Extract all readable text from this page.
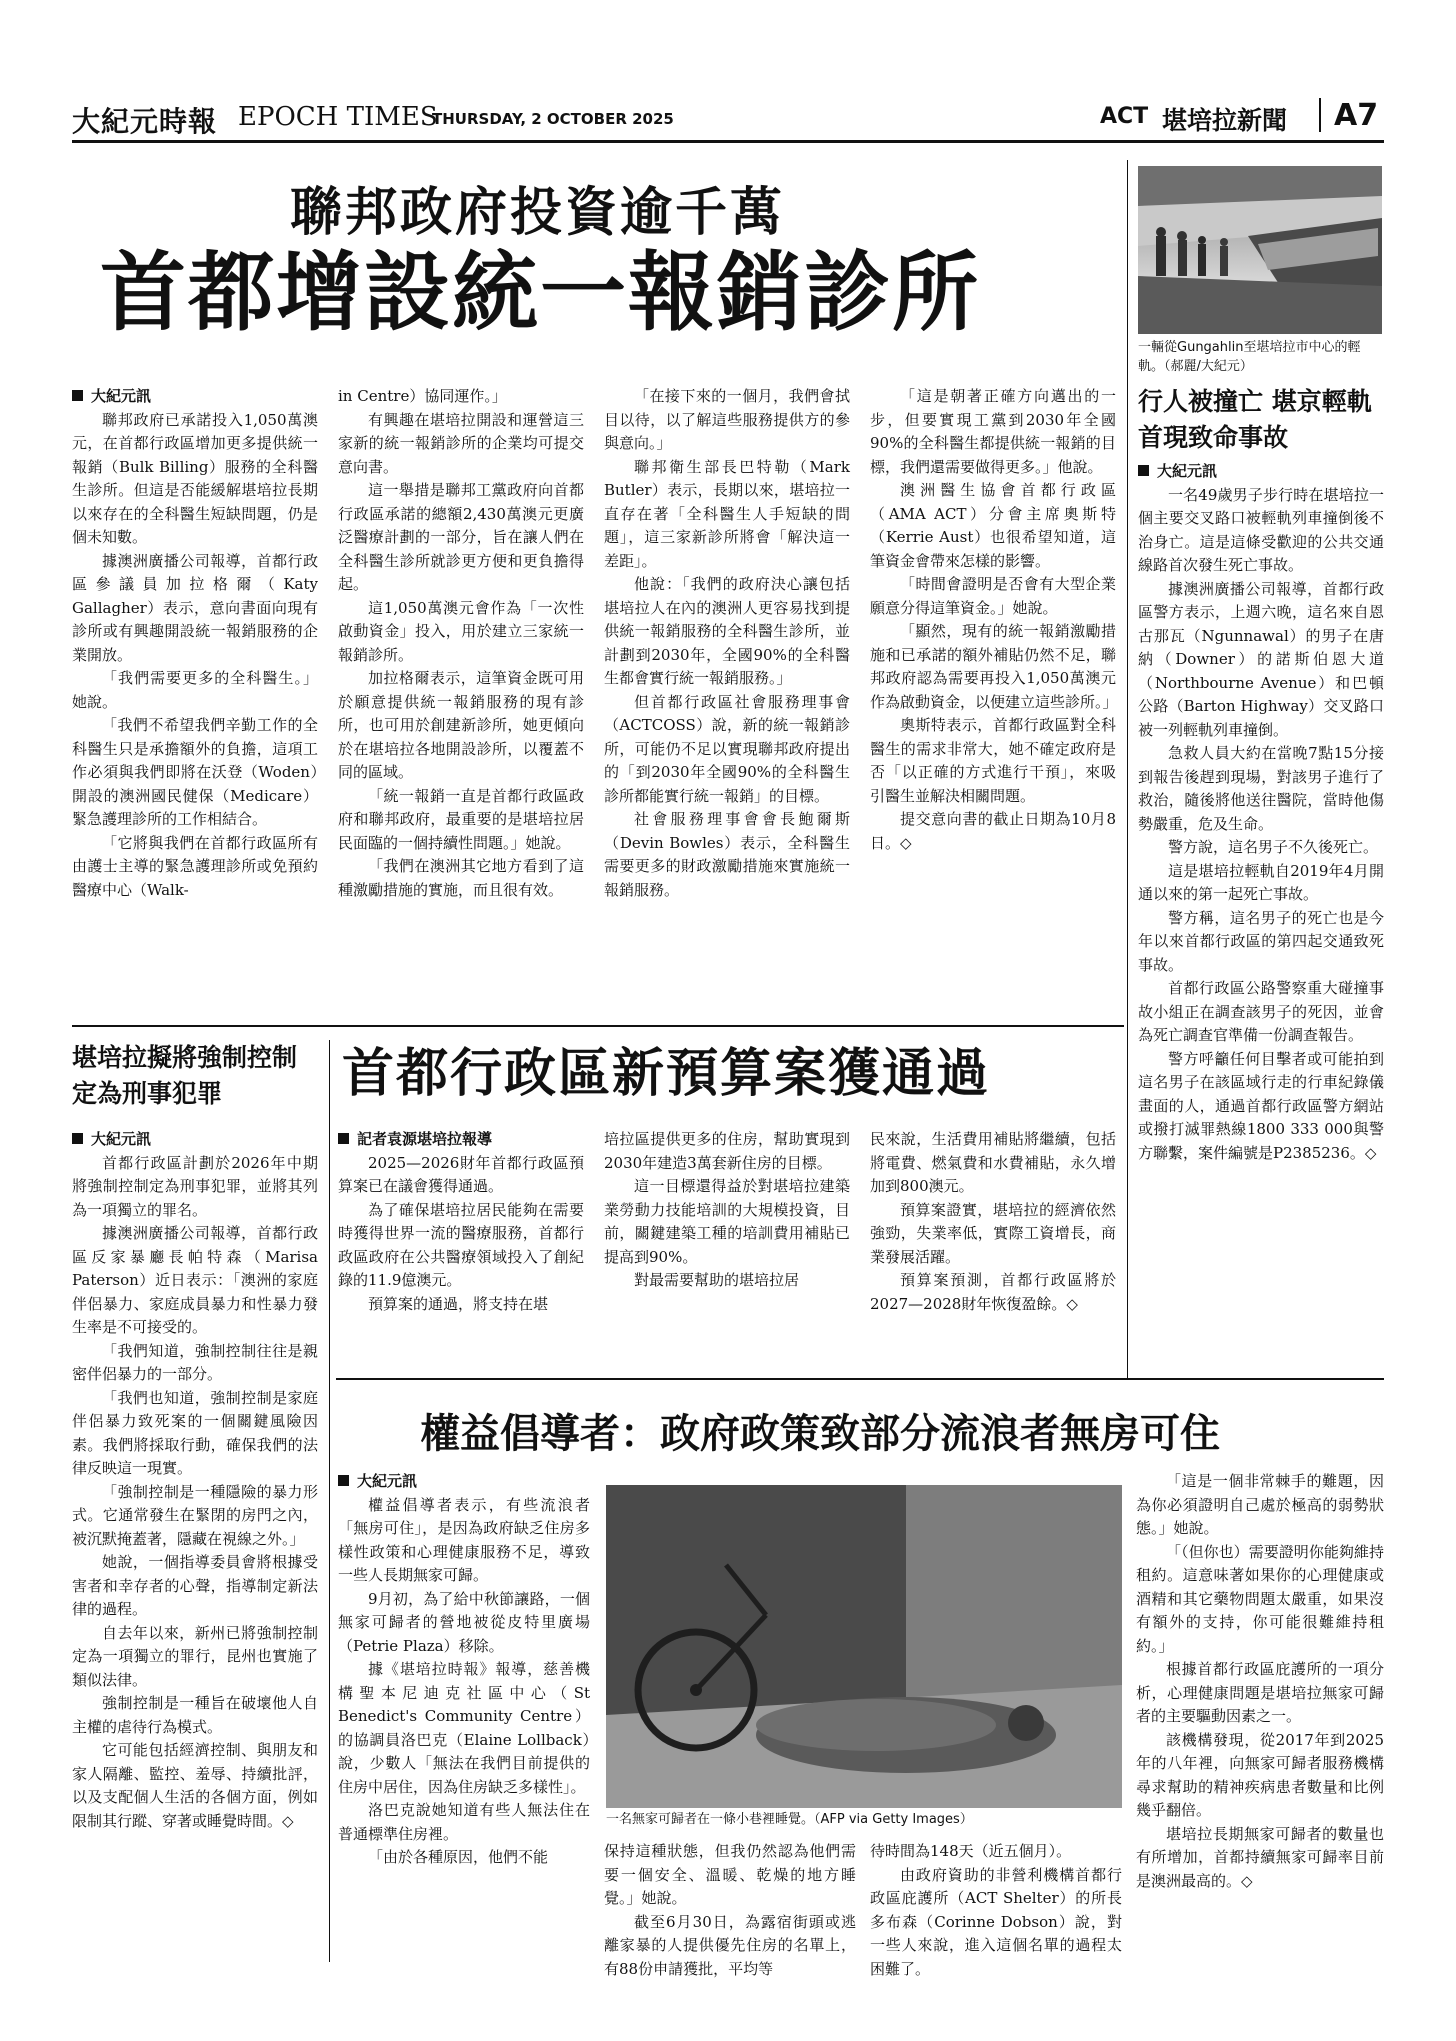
大紀元時報 EPOCH TIMES
THURSDAY, 2 OCTOBER 2025	ACT 堪培拉新聞 A7
聯邦政府投資逾千萬
首都增設統一報銷診所
大紀元訊

聯邦政府已承諾投入1,050萬澳元，在首都行政區增加更多提供統一報銷（Bulk Billing）服務的全科醫生診所。但這是否能緩解堪培拉長期以來存在的全科醫生短缺問題，仍是個未知數。

據澳洲廣播公司報導，首都行政區參議員加拉格爾（Katy Gallagher）表示，意向書面向現有診所或有興趣開設統一報銷服務的企業開放。

「我們需要更多的全科醫生。」她說。

「我們不希望我們辛勤工作的全科醫生只是承擔額外的負擔，這項工作必須與我們即將在沃登（Woden）開設的澳洲國民健保（Medicare）緊急護理診所的工作相結合。

「它將與我們在首都行政區所有由護士主導的緊急護理診所或免預約醫療中心（Walk-

in Centre）協同運作。」

有興趣在堪培拉開設和運營這三家新的統一報銷診所的企業均可提交意向書。

這一舉措是聯邦工黨政府向首都行政區承諾的總額2,430萬澳元更廣泛醫療計劃的一部分，旨在讓人們在全科醫生診所就診更方便和更負擔得起。

這1,050萬澳元會作為「一次性啟動資金」投入，用於建立三家統一報銷診所。

加拉格爾表示，這筆資金既可用於願意提供統一報銷服務的現有診所，也可用於創建新診所，她更傾向於在堪培拉各地開設診所，以覆蓋不同的區域。

「統一報銷一直是首都行政區政府和聯邦政府，最重要的是堪培拉居民面臨的一個持續性問題。」她說。

「我們在澳洲其它地方看到了這種激勵措施的實施，而且很有效。

「在接下來的一個月，我們會拭目以待，以了解這些服務提供方的參與意向。」

聯邦衛生部長巴特勒（Mark Butler）表示，長期以來，堪培拉一直存在著「全科醫生人手短缺的問題」，這三家新診所將會「解決這一差距」。

他說：「我們的政府決心讓包括堪培拉人在內的澳洲人更容易找到提供統一報銷服務的全科醫生診所，並計劃到2030年，全國90%的全科醫生都會實行統一報銷服務。」

但首都行政區社會服務理事會（ACTCOSS）說，新的統一報銷診所，可能仍不足以實現聯邦政府提出的「到2030年全國90%的全科醫生診所都能實行統一報銷」的目標。

社會服務理事會會長鮑爾斯（Devin Bowles）表示，全科醫生需要更多的財政激勵措施來實施統一報銷服務。

「這是朝著正確方向邁出的一步，但要實現工黨到2030年全國90%的全科醫生都提供統一報銷的目標，我們還需要做得更多。」他說。

澳洲醫生協會首都行政區（AMA ACT）分會主席奧斯特（Kerrie Aust）也很希望知道，這筆資金會帶來怎樣的影響。

「時間會證明是否會有大型企業願意分得這筆資金。」她說。

「顯然，現有的統一報銷激勵措施和已承諾的額外補貼仍然不足，聯邦政府認為需要再投入1,050萬澳元作為啟動資金，以便建立這些診所。」

奧斯特表示，首都行政區對全科醫生的需求非常大，她不確定政府是否「以正確的方式進行干預」，來吸引醫生並解決相關問題。

提交意向書的截止日期為10月8日。◇

一輛從Gungahlin至堪培拉市中心的輕軌。（郝麗/大紀元）
行人被撞亡 堪京輕軌首現致命事故
大紀元訊

一名49歲男子步行時在堪培拉一個主要交叉路口被輕軌列車撞倒後不治身亡。這是這條受歡迎的公共交通線路首次發生死亡事故。

據澳洲廣播公司報導，首都行政區警方表示，上週六晚，這名來自恩古那瓦（Ngunnawal）的男子在唐納（Downer）的諾斯伯恩大道（Northbourne Avenue）和巴頓公路（Barton Highway）交叉路口被一列輕軌列車撞倒。

急救人員大約在當晚7點15分接到報告後趕到現場，對該男子進行了救治，隨後將他送往醫院，當時他傷勢嚴重，危及生命。

警方說，這名男子不久後死亡。

這是堪培拉輕軌自2019年4月開通以來的第一起死亡事故。

警方稱，這名男子的死亡也是今年以來首都行政區的第四起交通致死事故。

首都行政區公路警察重大碰撞事故小組正在調查該男子的死因，並會為死亡調查官準備一份調查報告。

警方呼籲任何目擊者或可能拍到這名男子在該區域行走的行車紀錄儀畫面的人，通過首都行政區警方網站或撥打滅罪熱線1800 333 000與警方聯繫，案件編號是P2385236。◇

首都行政區新預算案獲通過
記者袁源堪培拉報導

2025—2026財年首都行政區預算案已在議會獲得通過。

為了確保堪培拉居民能夠在需要時獲得世界一流的醫療服務，首都行政區政府在公共醫療領域投入了創紀錄的11.9億澳元。

預算案的通過，將支持在堪

培拉區提供更多的住房，幫助實現到2030年建造3萬套新住房的目標。

這一目標還得益於對堪培拉建築業勞動力技能培訓的大規模投資，目前，關鍵建築工種的培訓費用補貼已提高到90%。

對最需要幫助的堪培拉居

民來說，生活費用補貼將繼續，包括將電費、燃氣費和水費補貼，永久增加到800澳元。

預算案證實，堪培拉的經濟依然強勁，失業率低，實際工資增長，商業發展活躍。

預算案預測，首都行政區將於2027—2028財年恢復盈餘。◇

堪培拉擬將強制控制定為刑事犯罪
大紀元訊

首都行政區計劃於2026年中期將強制控制定為刑事犯罪，並將其列為一項獨立的罪名。

據澳洲廣播公司報導，首都行政區反家暴廳長帕特森（Marisa Paterson）近日表示：「澳洲的家庭伴侶暴力、家庭成員暴力和性暴力發生率是不可接受的。

「我們知道，強制控制往往是親密伴侶暴力的一部分。

「我們也知道，強制控制是家庭伴侶暴力致死案的一個關鍵風險因素。我們將採取行動，確保我們的法律反映這一現實。

「強制控制是一種隱險的暴力形式。它通常發生在緊閉的房門之內，被沉默掩蓋著，隱藏在視線之外。」

她說，一個指導委員會將根據受害者和幸存者的心聲，指導制定新法律的過程。

自去年以來，新州已將強制控制定為一項獨立的罪行，昆州也實施了類似法律。

強制控制是一種旨在破壞他人自主權的虐待行為模式。

它可能包括經濟控制、與朋友和家人隔離、監控、羞辱、持續批評，以及支配個人生活的各個方面，例如限制其行蹤、穿著或睡覺時間。◇

權益倡導者：政府政策致部分流浪者無房可住
大紀元訊

權益倡導者表示，有些流浪者「無房可住」，是因為政府缺乏住房多樣性政策和心理健康服務不足，導致一些人長期無家可歸。

9月初，為了給中秋節讓路，一個無家可歸者的營地被從皮特里廣場（Petrie Plaza）移除。

據《堪培拉時報》報導，慈善機構聖本尼迪克社區中心（St Benedict's Community Centre）的協調員洛巴克（Elaine Lollback）說，少數人「無法在我們目前提供的住房中居住，因為住房缺乏多樣性」。

洛巴克說她知道有些人無法住在普通標準住房裡。

「由於各種原因，他們不能

一名無家可歸者在一條小巷裡睡覺。（AFP via Getty Images）

保持這種狀態，但我仍然認為他們需要一個安全、溫暖、乾燥的地方睡覺。」她說。

截至6月30日，為露宿街頭或逃離家暴的人提供優先住房的名單上，有88份申請獲批，平均等

待時間為148天（近五個月）。

由政府資助的非營利機構首都行政區庇護所（ACT Shelter）的所長多布森（Corinne Dobson）說，對一些人來說，進入這個名單的過程太困難了。

「這是一個非常棘手的難題，因為你必須證明自己處於極高的弱勢狀態。」她說。

「（但你也）需要證明你能夠維持租約。這意味著如果你的心理健康或酒精和其它藥物問題太嚴重，如果沒有額外的支持，你可能很難維持租約。」

根據首都行政區庇護所的一項分析，心理健康問題是堪培拉無家可歸者的主要驅動因素之一。

該機構發現，從2017年到2025年的八年裡，向無家可歸者服務機構尋求幫助的精神疾病患者數量和比例幾乎翻倍。

堪培拉長期無家可歸者的數量也有所增加，首都持續無家可歸率目前是澳洲最高的。◇
